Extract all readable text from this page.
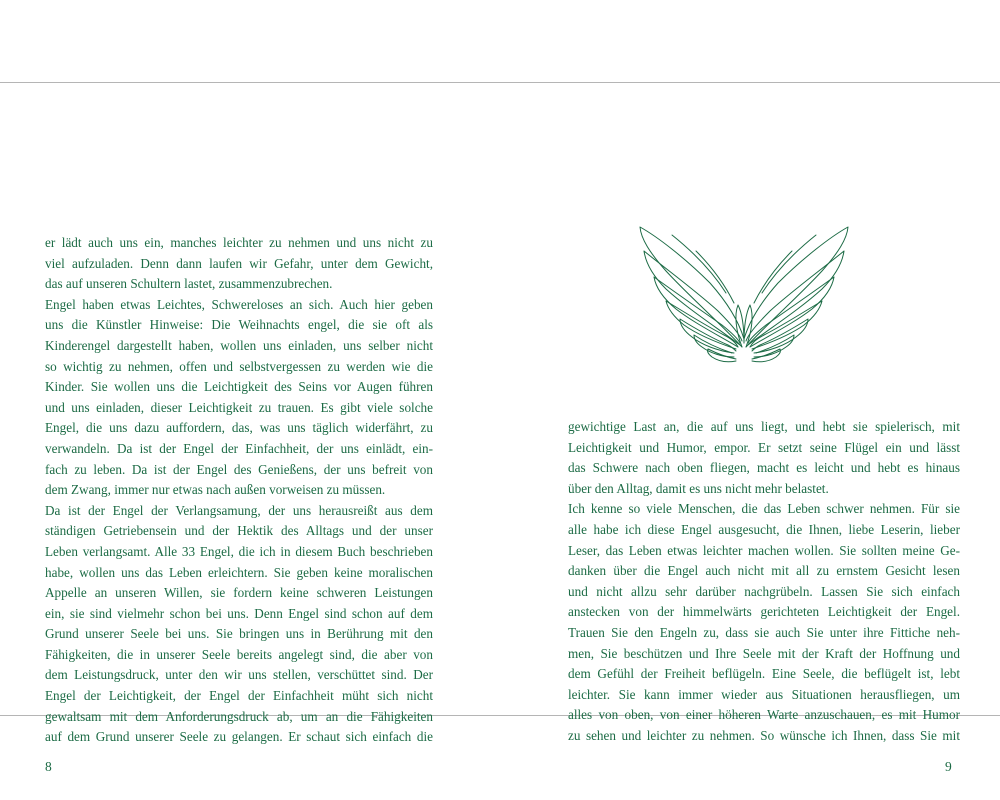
er lädt auch uns ein, manches leichter zu nehmen und uns nicht zu
viel aufzuladen. Denn dann laufen wir Gefahr, unter dem Gewicht,
das auf unseren Schultern lastet, zusammenzubrechen.
Engel haben etwas Leichtes, Schwereloses an sich. Auch hier geben
uns die Künstler Hinweise: Die Weihnachts engel, die sie oft als
Kinderengel dargestellt haben, wollen uns einladen, uns selber nicht
so wichtig zu nehmen, offen und selbstvergessen zu werden wie die
Kinder. Sie wollen uns die Leichtigkeit des Seins vor Augen führen
und uns einladen, dieser Leichtigkeit zu trauen. Es gibt viele solche
Engel, die uns dazu auffordern, das, was uns täglich widerfährt, zu
verwandeln. Da ist der Engel der Einfachheit, der uns einlädt, ein-
fach zu leben. Da ist der Engel des Genießens, der uns befreit von
dem Zwang, immer nur etwas nach außen vorweisen zu müssen.
Da ist der Engel der Verlangsamung, der uns herausreißt aus dem
ständigen Getriebensein und der Hektik des Alltags und der unser
Leben verlangsamt. Alle 33 Engel, die ich in diesem Buch beschrieben
habe, wollen uns das Leben erleichtern. Sie geben keine moralischen
Appelle an unseren Willen, sie fordern keine schweren Leistungen
ein, sie sind vielmehr schon bei uns. Denn Engel sind schon auf dem
Grund unserer Seele bei uns. Sie bringen uns in Berührung mit den
Fähigkeiten, die in unserer Seele bereits angelegt sind, die aber von
dem Leistungsdruck, unter den wir uns stellen, verschüttet sind. Der
Engel der Leichtigkeit, der Engel der Einfachheit müht sich nicht
gewaltsam mit dem Anforderungsdruck ab, um an die Fähigkeiten
auf dem Grund unserer Seele zu gelangen. Er schaut sich einfach die
8
gewichtige Last an, die auf uns liegt, und hebt sie spielerisch, mit
Leichtigkeit und Humor, empor. Er setzt seine Flügel ein und lässt
das Schwere nach oben fliegen, macht es leicht und hebt es hinaus
über den Alltag, damit es uns nicht mehr belastet.
Ich kenne so viele Menschen, die das Leben schwer nehmen. Für sie
alle habe ich diese Engel ausgesucht, die Ihnen, liebe Leserin, lieber
Leser, das Leben etwas leichter machen wollen. Sie sollten meine Ge-
danken über die Engel auch nicht mit all zu ernstem Gesicht lesen
und nicht allzu sehr darüber nachgrübeln. Lassen Sie sich einfach
anstecken von der himmelwärts gerichteten Leichtigkeit der Engel.
Trauen Sie den Engeln zu, dass sie auch Sie unter ihre Fittiche neh-
men, Sie beschützen und Ihre Seele mit der Kraft der Hoffnung und
dem Gefühl der Freiheit beflügeln. Eine Seele, die beflügelt ist, lebt
leichter. Sie kann immer wieder aus Situationen herausfliegen, um
alles von oben, von einer höheren Warte anzuschauen, es mit Humor
zu sehen und leichter zu nehmen. So wünsche ich Ihnen, dass Sie mit
9
